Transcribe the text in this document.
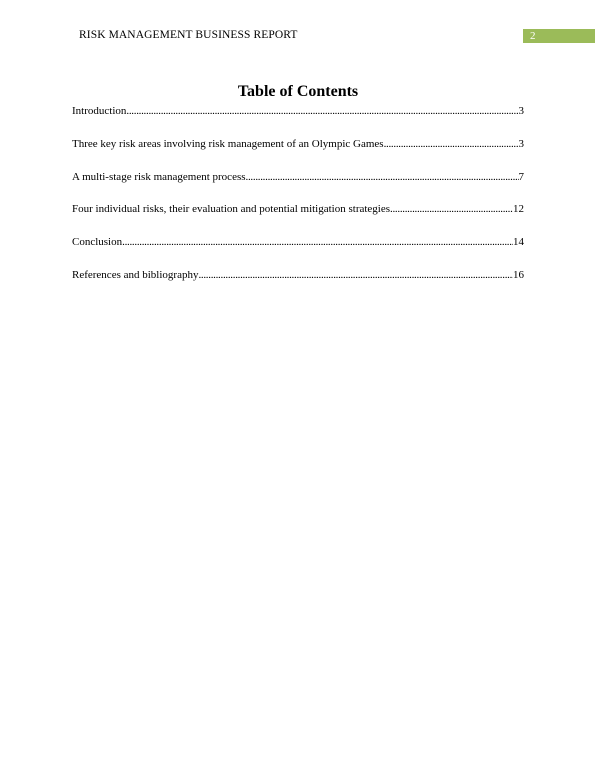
RISK MANAGEMENT BUSINESS REPORT	2
Table of Contents
Introduction .....	3
Three key risk areas involving risk management of an Olympic Games .....	3
A multi-stage risk management process .....	7
Four individual risks, their evaluation and potential mitigation strategies .....	12
Conclusion .....	14
References and bibliography .....	16
